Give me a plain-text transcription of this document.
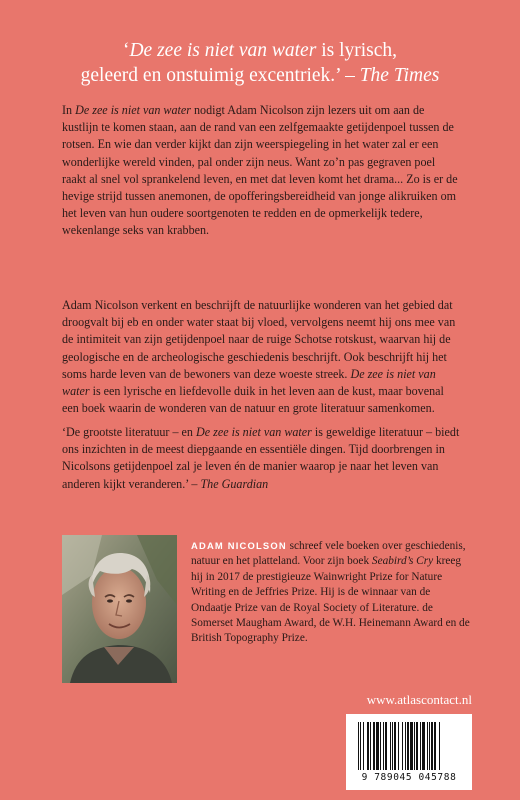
‘De zee is niet van water is lyrisch,
geleerd en onstuimig excentriek.’ – The Times
In De zee is niet van water nodigt Adam Nicolson zijn lezers uit om aan de kustlijn te komen staan, aan de rand van een zelfgemaakte getijdenpoel tussen de rotsen. En wie dan verder kijkt dan zijn weerspiegeling in het water zal er een wonderlijke wereld vinden, pal onder zijn neus. Want zo’n pas gegraven poel raakt al snel vol sprankelend leven, en met dat leven komt het drama... Zo is er de hevige strijd tussen anemonen, de opofferingsbereidheid van jonge alikruiken om het leven van hun oudere soortgenoten te redden en de opmerkelijk tedere, wekenlange seks van krabben.
Adam Nicolson verkent en beschrijft de natuurlijke wonderen van het gebied dat droogvalt bij eb en onder water staat bij vloed, vervolgens neemt hij ons mee van de intimiteit van zijn getijdenpoel naar de ruige Schotse rotskust, waarvan hij de geologische en de archeologische geschiedenis beschrijft. Ook beschrijft hij het soms harde leven van de bewoners van deze woeste streek. De zee is niet van water is een lyrische en liefdevolle duik in het leven aan de kust, maar bovenal een boek waarin de wonderen van de natuur en grote literatuur samenkomen.
‘De grootste literatuur – en De zee is niet van water is geweldige literatuur – biedt ons inzichten in de meest diepgaande en essentiële dingen. Tijd doorbrengen in Nicolsons getijdenpoel zal je leven én de manier waarop je naar het leven van anderen kijkt veranderen.’ – The Guardian
ADAM NICOLSON schreef vele boeken over geschiedenis, natuur en het platteland. Voor zijn boek Seabird’s Cry kreeg hij in 2017 de prestigieuze Wainwright Prize for Nature Writing en de Jeffries Prize. Hij is de winnaar van de Ondaatje Prize van de Royal Society of Literature. de Somerset Maugham Award, de W.H. Heinemann Award en de British Topography Prize.
www.atlascontact.nl
9 789045 045788
